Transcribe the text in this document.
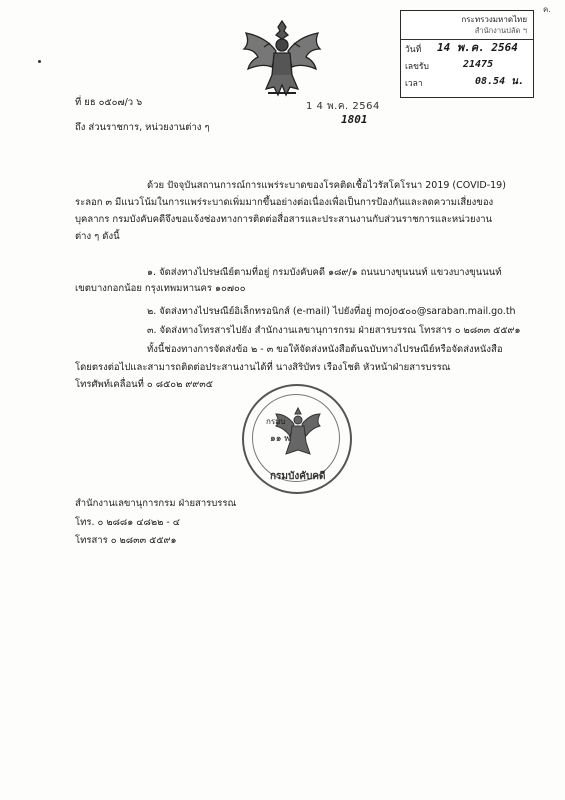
ค.
กระทรวงมหาดไทย
สำนักงานปลัด ฯ
วันที่ 14 พ.ค. 2564
เลขรับ	21475
เวลา	08.54 น.
ที่ ยธ ๐๕๐๗/ว ๖	1 4 พ.ค. 2564
1801
ถึง ส่วนราชการ, หน่วยงานต่าง ๆ
ด้วย ปัจจุบันสถานการณ์การแพร่ระบาดของโรคติดเชื้อไวรัสโคโรนา 2019 (COVID-19)
ระลอก ๓ มีแนวโน้มในการแพร่ระบาดเพิ่มมากขึ้นอย่างต่อเนื่องเพื่อเป็นการป้องกันและลดความเสี่ยงของ
บุคลากร กรมบังคับคดีจึงขอแจ้งช่องทางการติดต่อสื่อสารและประสานงานกับส่วนราชการและหน่วยงาน
ต่าง ๆ ดังนี้
๑. จัดส่งทางไปรษณีย์ตามที่อยู่ กรมบังคับคดี ๑๘๙/๑ ถนนบางขุนนนท์ แขวงบางขุนนนท์
เขตบางกอกน้อย กรุงเทพมหานคร ๑๐๗๐๐
๒. จัดส่งทางไปรษณีย์อิเล็กทรอนิกส์ (e-mail) ไปยังที่อยู่ mojo๕๐๐@saraban.mail.go.th
๓. จัดส่งทางโทรสารไปยัง สำนักงานเลขานุการกรม ฝ่ายสารบรรณ โทรสาร ๐ ๒๘๓๓ ๕๕๙๑
ทั้งนี้ช่องทางการจัดส่งข้อ ๒ - ๓ ขอให้จัดส่งหนังสือต้นฉบับทางไปรษณีย์หรือจัดส่งหนังสือ
โดยตรงต่อไปและสามารถติดต่อประสานงานได้ที่ นางสิริบัทร เรืองโชติ หัวหน้าฝ่ายสารบรรณ
โทรศัพท์เคลื่อนที่ ๐ ๘๕๐๒ ๙๙๓๕
กรมบ
๑๑ พ
กรมบังคับคดี
สำนักงานเลขานุการกรม ฝ่ายสารบรรณ
โทร. ๐ ๒๘๘๑ ๔๘๒๒ - ๔
โทรสาร ๐ ๒๘๓๓ ๕๕๙๑
